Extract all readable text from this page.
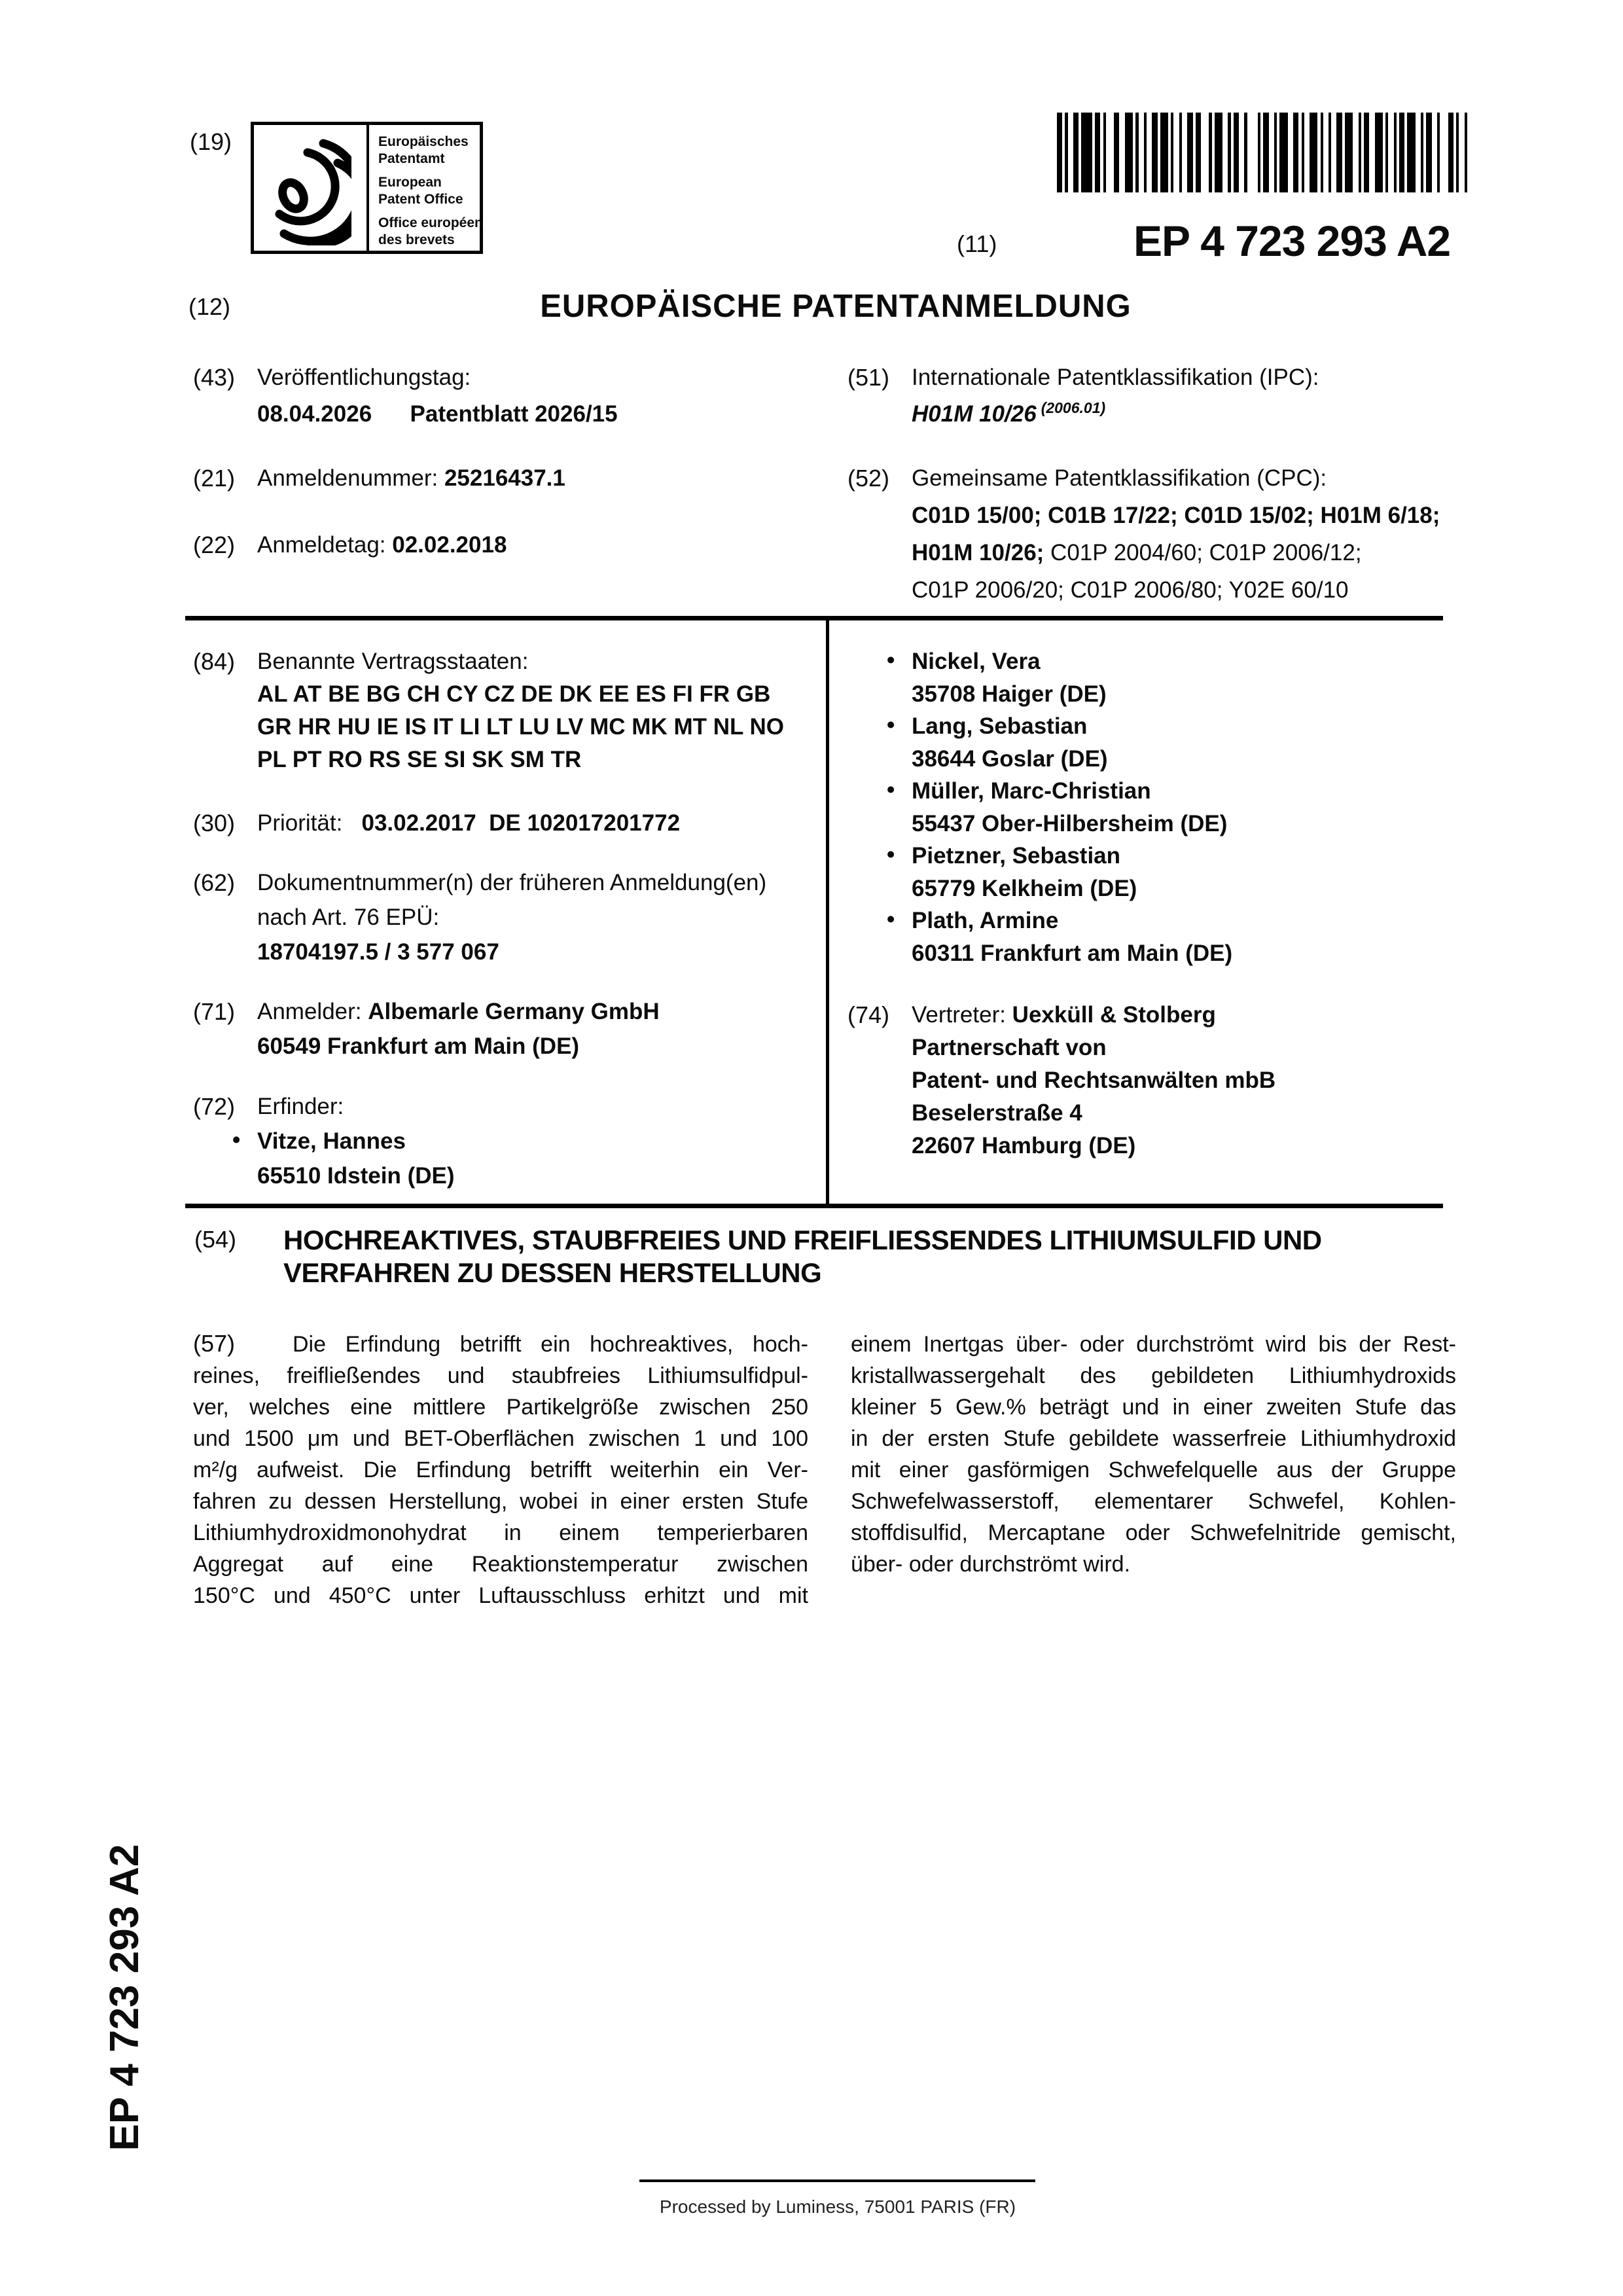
(19)	Europäisches
Patentamt
European
Patent Office
Office européen
des brevets	(11)	EP 4 723 293 A2
(12)	EUROPÄISCHE PATENTANMELDUNG
(43) Veröffentlichungstag:
08.04.2026      Patentblatt 2026/15
(21) Anmeldenummer: 25216437.1
(22) Anmeldetag: 02.02.2018
(51) Internationale Patentklassifikation (IPC):
H01M 10/26  $^{(2006.01)}$
(52) Gemeinsame Patentklassifikation (CPC):
C01D 15/00; C01B 17/22; C01D 15/02; H01M 6/18;
H01M 10/26; C01P 2004/60; C01P 2006/12;
C01P 2006/20; C01P 2006/80; Y02E 60/10
(84) Benannte Vertragsstaaten:
AL AT BE BG CH CY CZ DE DK EE ES FI FR GB
GR HR HU IE IS IT LI LT LU LV MC MK MT NL NO
PL PT RO RS SE SI SK SM TR
(30) Priorität:   03.02.2017  DE 102017201772
(62) Dokumentnummer(n) der früheren Anmeldung(en)
nach Art. 76 EPÜ:
18704197.5 / 3 577 067
(71) Anmelder: Albemarle Germany GmbH
60549 Frankfurt am Main (DE)
(72) Erfinder:
• Vitze, Hannes
65510 Idstein (DE)
(74) Vertreter: Uexküll & Stolberg
Partnerschaft von
Patent- und Rechtsanwälten mbB
Beselerstraße 4
22607 Hamburg (DE)
• Nickel, Vera
35708 Haiger (DE)
• Lang, Sebastian
38644 Goslar (DE)
• Müller, Marc-Christian
55437 Ober-Hilbersheim (DE)
• Pietzner, Sebastian
65779 Kelkheim (DE)
• Plath, Armine
60311 Frankfurt am Main (DE)
(54) HOCHREAKTIVES, STAUBFREIES UND FREIFLIESSENDES LITHIUMSULFID UND
VERFAHREN ZU DESSEN HERSTELLUNG
(57)	Die Erfindung betrifft ein hochreaktives, hoch-
reines, freifließendes und staubfreies Lithiumsulfidpul-
ver, welches eine mittlere Partikelgröße zwischen 250
und 1500 μm und BET-Oberflächen zwischen 1 und 100
m²/g aufweist. Die Erfindung betrifft weiterhin ein Ver-
fahren zu dessen Herstellung, wobei in einer ersten Stufe
Lithiumhydroxidmonohydrat in einem temperierbaren
Aggregat auf eine Reaktionstemperatur zwischen
150°C und 450°C unter Luftausschluss erhitzt und mit
einem Inertgas über- oder durchströmt wird bis der Rest-
kristallwassergehalt des gebildeten Lithiumhydroxids
kleiner 5 Gew.% beträgt und in einer zweiten Stufe das
in der ersten Stufe gebildete wasserfreie Lithiumhydroxid
mit einer gasförmigen Schwefelquelle aus der Gruppe
Schwefelwasserstoff, elementarer Schwefel, Kohlen-
stoffdisulfid, Mercaptane oder Schwefelnitride gemischt,
über- oder durchströmt wird.
EP 4 723 293 A2
Processed by Luminess, 75001 PARIS (FR)
